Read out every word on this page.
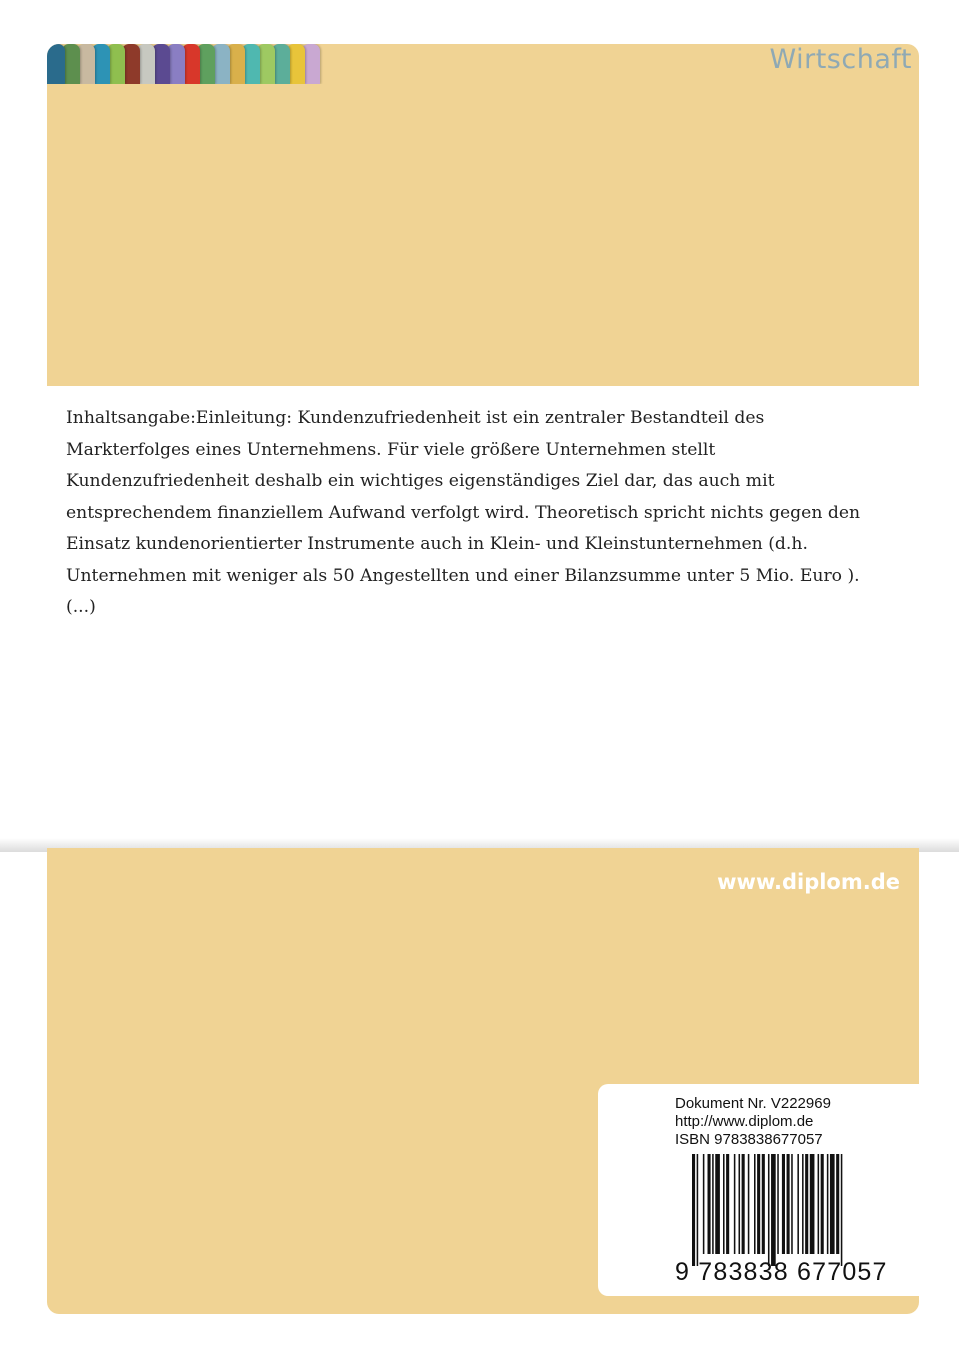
Wirtschaft

Inhaltsangabe:Einleitung: Kundenzufriedenheit ist ein zentraler Bestandteil des Markterfolges eines Unternehmens. Für viele größere Unternehmen stellt Kundenzufriedenheit deshalb ein wichtiges eigenständiges Ziel dar, das auch mit entsprechendem finanziellem Aufwand verfolgt wird. Theoretisch spricht nichts gegen den Einsatz kundenorientierter Instrumente auch in Klein- und Kleinstunternehmen (d.h. Unternehmen mit weniger als 50 Angestellten und einer Bilanzsumme unter 5 Mio. Euro ). (...)

www.diplom.de
Dokument Nr. V222969
http://www.diplom.de
ISBN 9783838677057
9 783838 677057
